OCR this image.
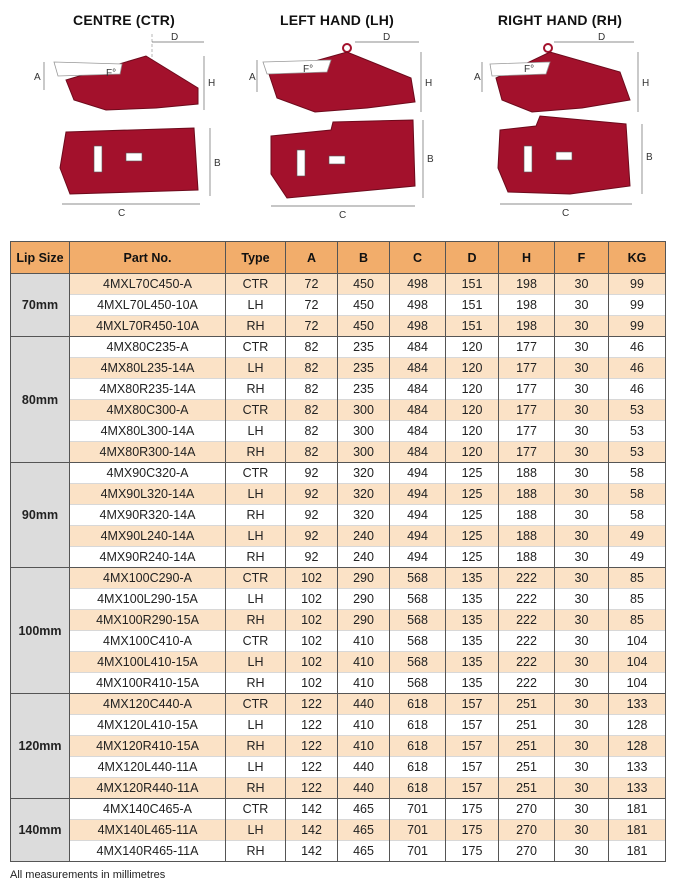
CENTRE (CTR)
D
H
A	F°
B
C
LEFT HAND (LH)
D
H
A
F°
B
C
RIGHT HAND (RH)
D
H
A
F°
B
C
Lip Size	Part No.	Type	A	B	C	D	H	F	KG
70mm	4MXL70C450-A	CTR	72	450	498	151	198	30	99
	4MXL70L450-10A	LH	72	450	498	151	198	30	99
	4MXL70R450-10A	RH	72	450	498	151	198	30	99
80mm	4MX80C235-A	CTR	82	235	484	120	177	30	46
	4MX80L235-14A	LH	82	235	484	120	177	30	46
	4MX80R235-14A	RH	82	235	484	120	177	30	46
	4MX80C300-A	CTR	82	300	484	120	177	30	53
	4MX80L300-14A	LH	82	300	484	120	177	30	53
	4MX80R300-14A	RH	82	300	484	120	177	30	53
90mm	4MX90C320-A	CTR	92	320	494	125	188	30	58
	4MX90L320-14A	LH	92	320	494	125	188	30	58
	4MX90R320-14A	RH	92	320	494	125	188	30	58
	4MX90L240-14A	LH	92	240	494	125	188	30	49
	4MX90R240-14A	RH	92	240	494	125	188	30	49
100mm	4MX100C290-A	CTR	102	290	568	135	222	30	85
	4MX100L290-15A	LH	102	290	568	135	222	30	85
	4MX100R290-15A	RH	102	290	568	135	222	30	85
	4MX100C410-A	CTR	102	410	568	135	222	30	104
	4MX100L410-15A	LH	102	410	568	135	222	30	104
	4MX100R410-15A	RH	102	410	568	135	222	30	104
120mm	4MX120C440-A	CTR	122	440	618	157	251	30	133
	4MX120L410-15A	LH	122	410	618	157	251	30	128
	4MX120R410-15A	RH	122	410	618	157	251	30	128
	4MX120L440-11A	LH	122	440	618	157	251	30	133
	4MX120R440-11A	RH	122	440	618	157	251	30	133
140mm	4MX140C465-A	CTR	142	465	701	175	270	30	181
	4MX140L465-11A	LH	142	465	701	175	270	30	181
	4MX140R465-11A	RH	142	465	701	175	270	30	181
All measurements in millimetres
